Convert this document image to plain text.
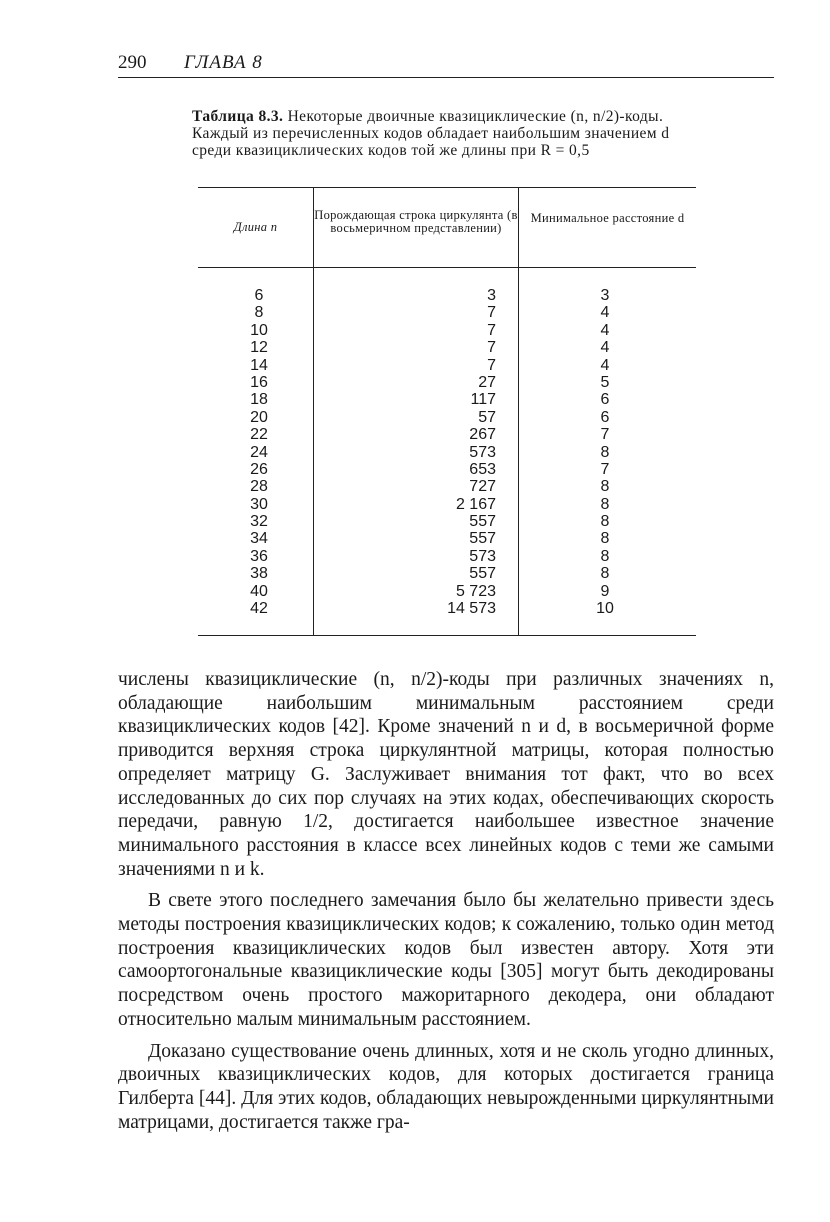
290 ГЛАВА 8
Таблица 8.3. Некоторые двоичные квазициклические (n, n/2)-коды. Каждый из перечисленных кодов обладает наибольшим значением d среди квазициклических кодов той же длины при R = 0,5
Длина n
Порождающая строка циркулянта (в восьмеричном представлении)
Минимальное расстояние d
6
8
10
12
14
16
18
20
22
24
26
28
30
32
34
36
38
40
42
3
7
7
7
7
27
117
57
267
573
653
727
2 167
557
557
573
557
5 723
14 573
3
4
4
4
4
5
6
6
7
8
7
8
8
8
8
8
8
9
10

числены квазициклические (n, n/2)-коды при различных значениях n, обладающие наибольшим минимальным расстоянием среди квазициклических кодов [42]. Кроме значений n и d, в восьмеричной форме приводится верхняя строка циркулянтной матрицы, которая полностью определяет матрицу G. Заслуживает внимания тот факт, что во всех исследованных до сих пор случаях на этих кодах, обеспечивающих скорость передачи, равную 1/2, достигается наибольшее известное значение минимального расстояния в классе всех линейных кодов с теми же самыми значениями n и k.

В свете этого последнего замечания было бы желательно привести здесь методы построения квазициклических кодов; к сожалению, только один метод построения квазициклических кодов был известен автору. Хотя эти самоортогональные квазициклические коды [305] могут быть декодированы посредством очень простого мажоритарного декодера, они обладают относительно малым минимальным расстоянием.

Доказано существование очень длинных, хотя и не сколь угодно длинных, двоичных квазициклических кодов, для которых достигается граница Гилберта [44]. Для этих кодов, обладающих невырожденными циркулянтными матрицами, достигается также гра-
